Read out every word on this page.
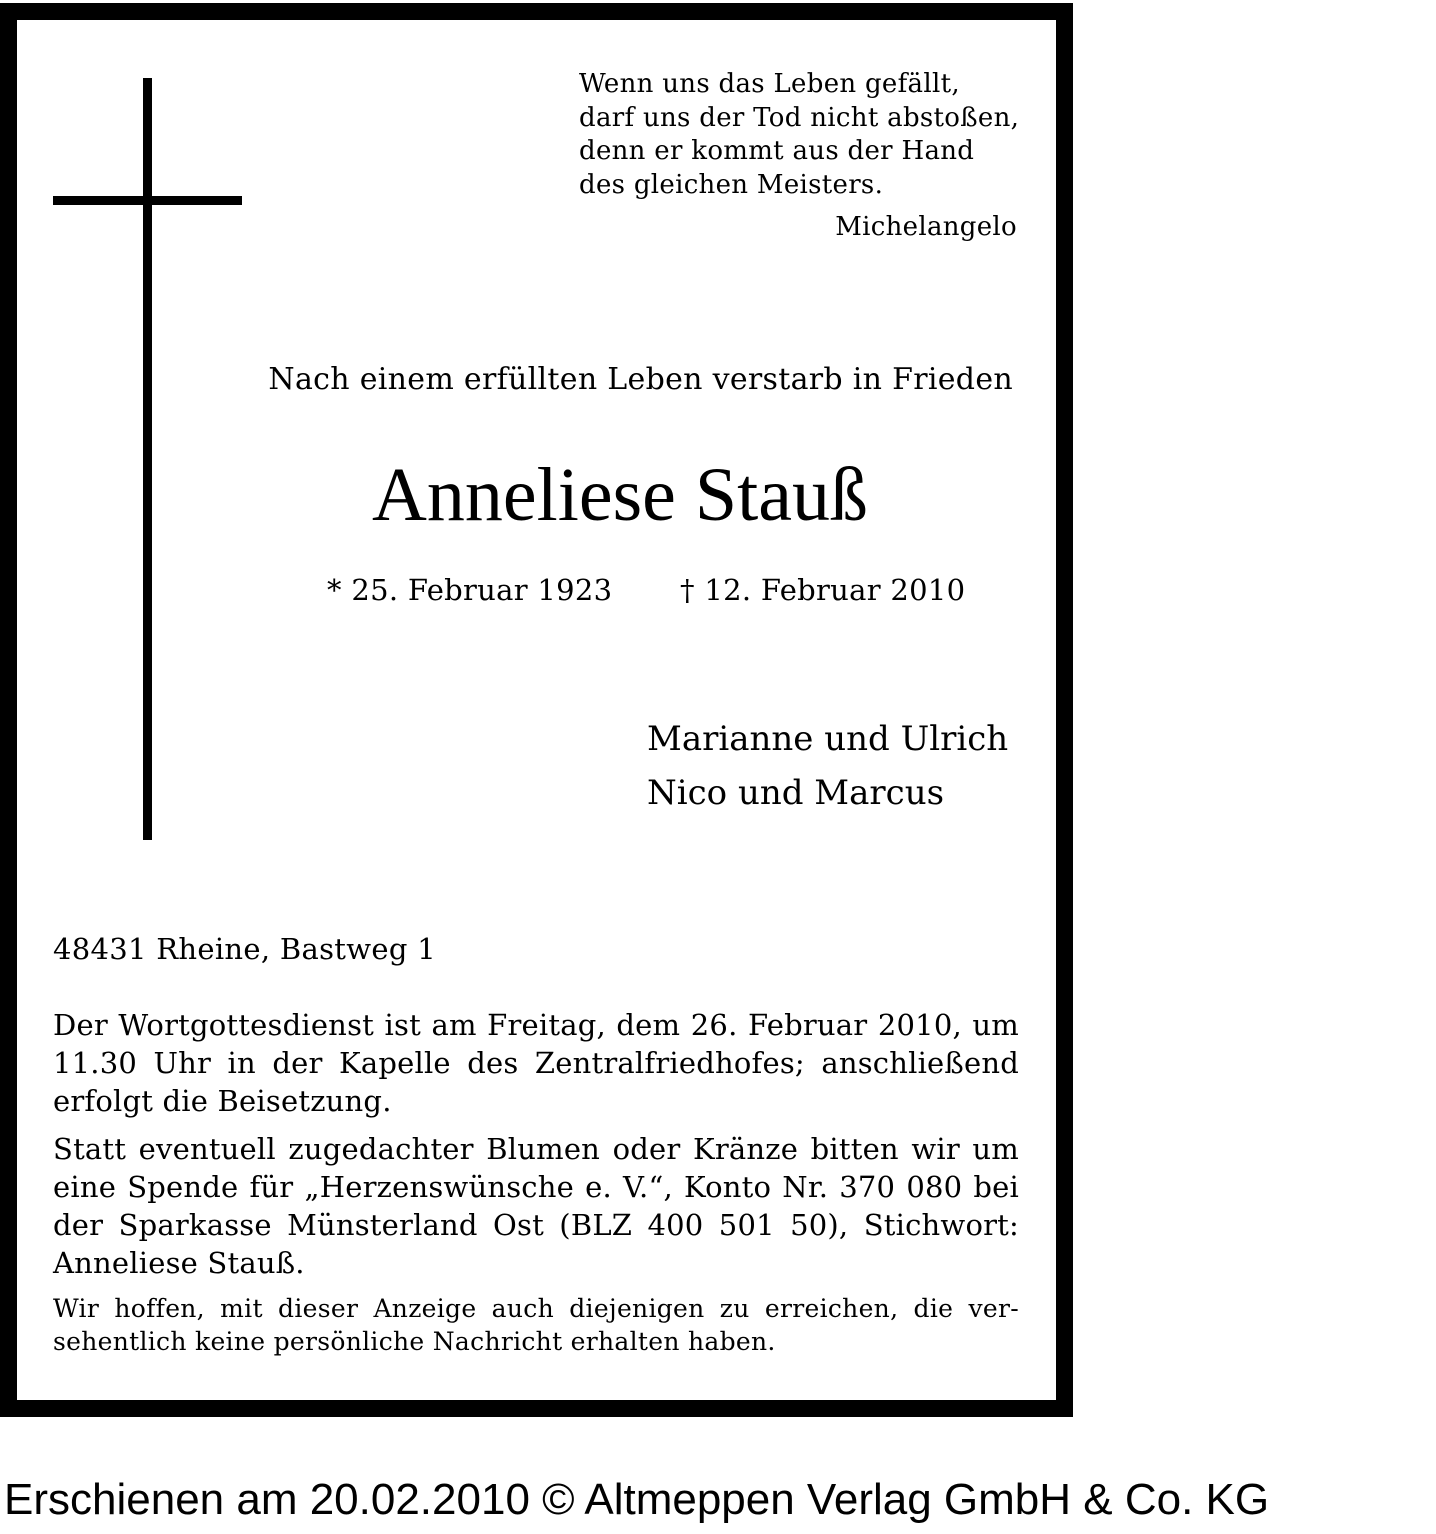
Wenn uns das Leben gefällt,
darf uns der Tod nicht abstoßen,
denn er kommt aus der Hand
des gleichen Meisters.
Michelangelo
Nach einem erfüllten Leben verstarb in Frieden
Anneliese Stauß
* 25. Februar 1923 † 12. Februar 2010
Marianne und Ulrich
Nico und Marcus
48431 Rheine, Bastweg 1
Der Wortgottesdienst ist am Freitag, dem 26. Februar 2010, um
11.30 Uhr in der Kapelle des Zentralfriedhofes; anschließend
erfolgt die Beisetzung.
Statt eventuell zugedachter Blumen oder Kränze bitten wir um
eine Spende für „Herzenswünsche e. V.“, Konto Nr. 370 080 bei
der Sparkasse Münsterland Ost (BLZ 400 501 50), Stichwort:
Anneliese Stauß.
Wir hoffen, mit dieser Anzeige auch diejenigen zu erreichen, die ver-
sehentlich keine persönliche Nachricht erhalten haben.
Erschienen am 20.02.2010 © Altmeppen Verlag GmbH & Co. KG
